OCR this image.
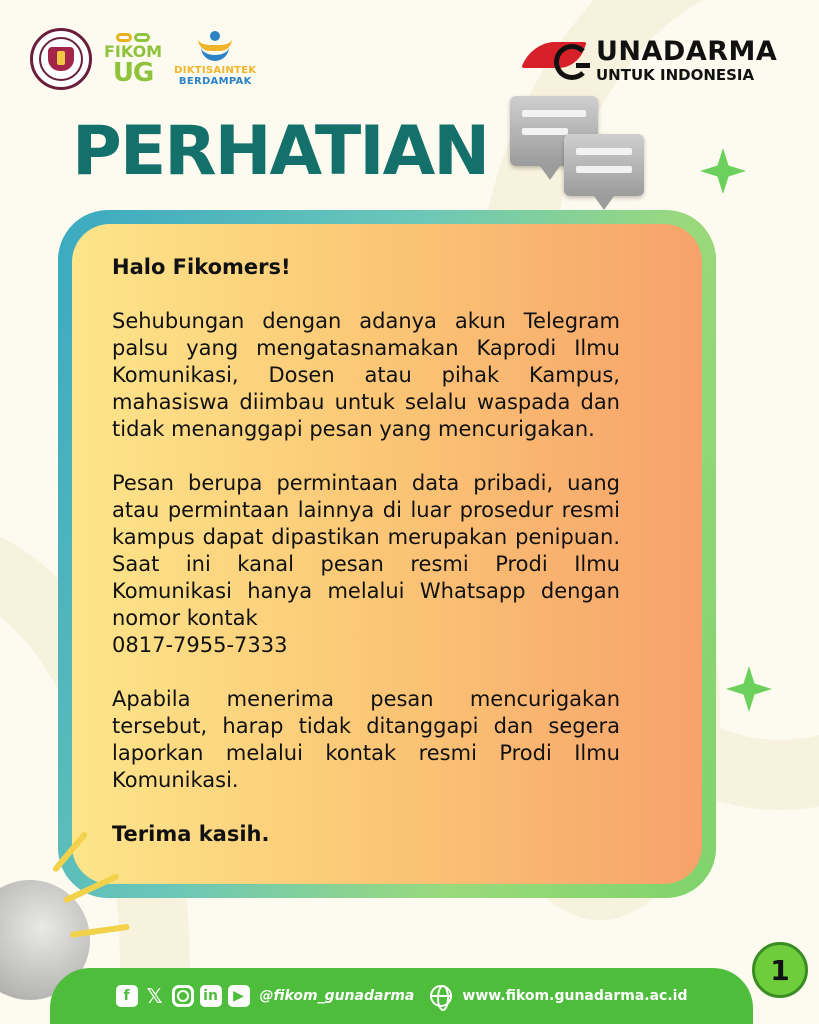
FIKOM
UG DIKTISAINTEK
BERDAMPAK
UNADARMA
UNTUK INDONESIA
PERHATIAN

Halo Fikomers!

Sehubungan dengan adanya akun Telegram palsu yang mengatasnamakan Kaprodi Ilmu Komunikasi, Dosen atau pihak Kampus, mahasiswa diimbau untuk selalu waspada dan tidak menanggapi pesan yang mencurigakan.

Pesan berupa permintaan data pribadi, uang atau permintaan lainnya di luar prosedur resmi kampus dapat dipastikan merupakan penipuan. Saat ini kanal pesan resmi Prodi Ilmu Komunikasi hanya melalui Whatsapp dengan nomor kontak

0817-7955-7333

Apabila menerima pesan mencurigakan tersebut, harap tidak ditanggapi dan segera laporkan melalui kontak resmi Prodi Ilmu Komunikasi.

Terima kasih.

f 𝕏	in	▶	@fikom_gunadarma	www.fikom.gunadarma.ac.id
1
